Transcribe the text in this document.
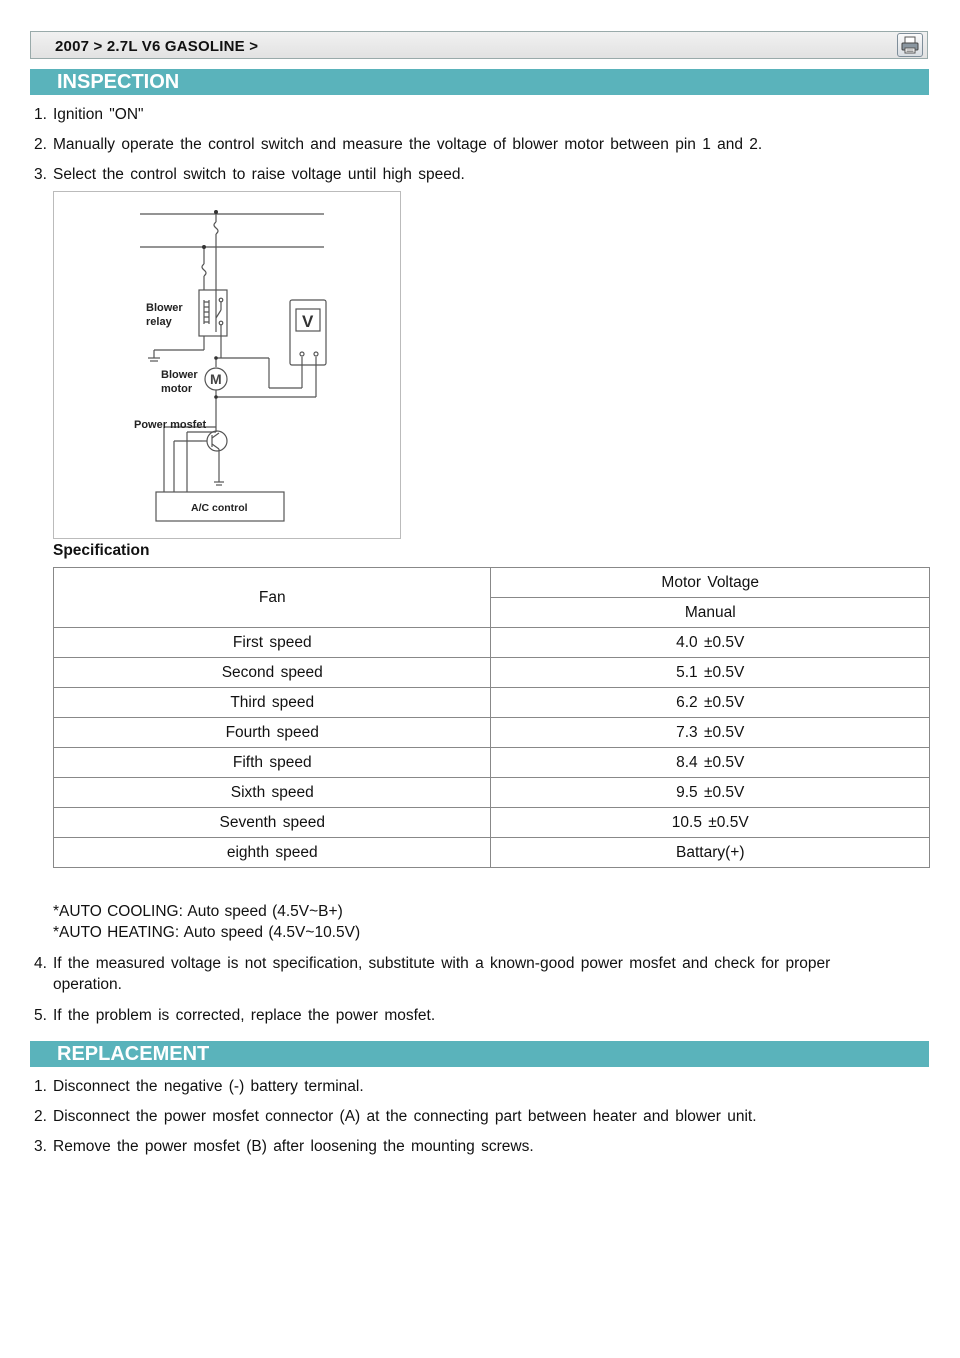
2007 > 2.7L V6 GASOLINE >
INSPECTION
1. Ignition "ON"
2. Manually operate the control switch and measure the voltage of blower motor between pin 1 and 2.
3. Select the control switch to raise voltage until high speed.
Blower
relay
Blower
motor
Power mosfet
A/C control
V
M
Specification
Fan	Motor Voltage
	Manual
First speed	4.0 ±0.5V
Second speed	5.1 ±0.5V
Third speed	6.2 ±0.5V
Fourth speed	7.3 ±0.5V
Fifth speed	8.4 ±0.5V
Sixth speed	9.5 ±0.5V
Seventh speed	10.5 ±0.5V
eighth speed	Battary(+)
*AUTO COOLING: Auto speed (4.5V~B+)
*AUTO HEATING: Auto speed (4.5V~10.5V)
4. If the measured voltage is not specification, substitute with a known-good power mosfet and check for proper
operation.
5. If the problem is corrected, replace the power mosfet.
REPLACEMENT
1. Disconnect the negative (-) battery terminal.
2. Disconnect the power mosfet connector (A) at the connecting part between heater and blower unit.
3. Remove the power mosfet (B) after loosening the mounting screws.
